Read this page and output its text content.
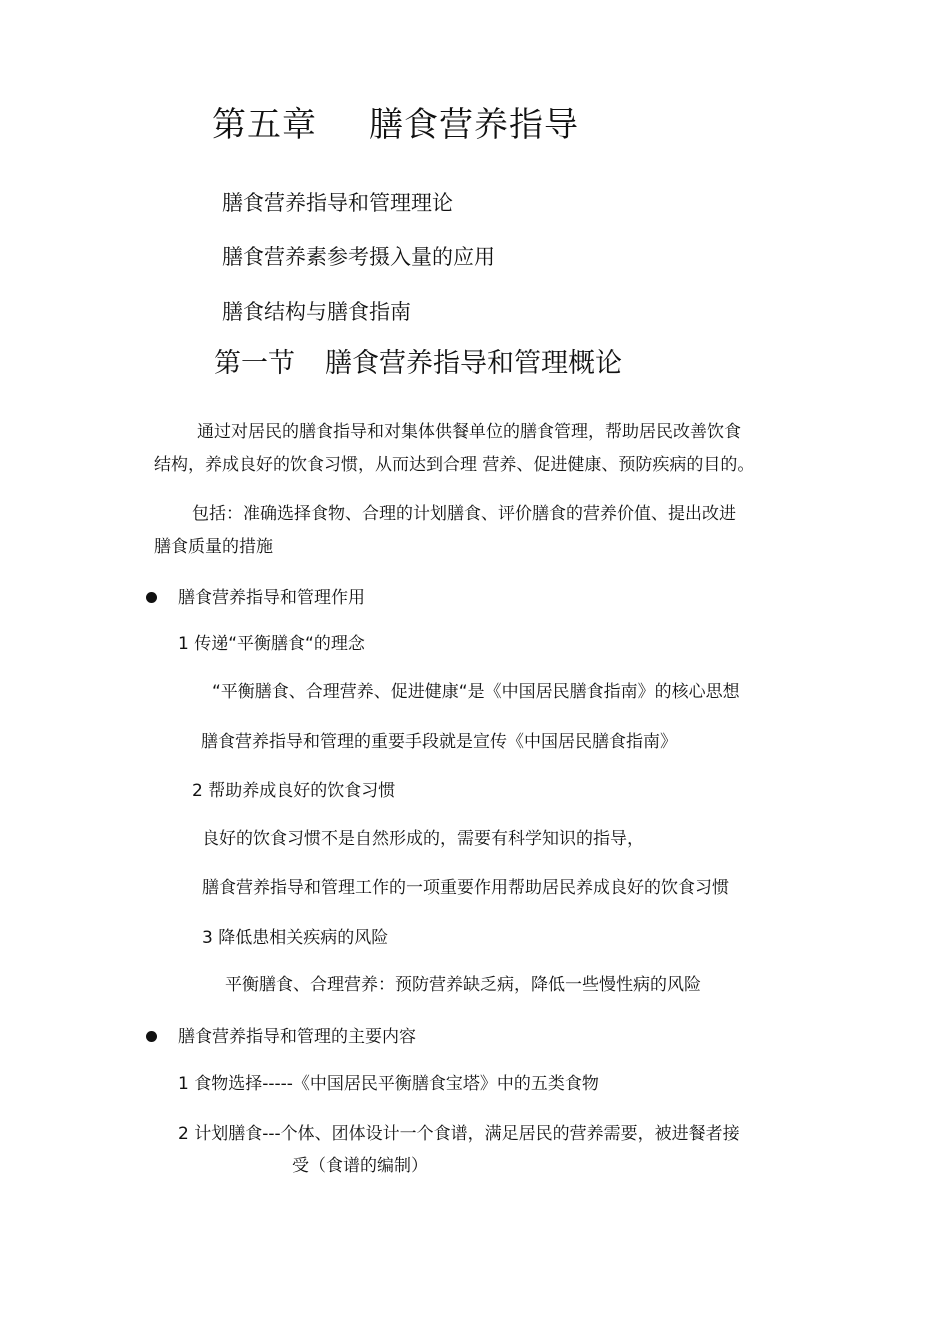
第五章 膳食营养指导

膳食营养指导和管理理论

膳食营养素参考摄入量的应用

膳食结构与膳食指南

第一节 膳食营养指导和管理概论

通过对居民的膳食指导和对集体供餐单位的膳食管理，帮助居民改善饮食

结构，养成良好的饮食习惯，从而达到合理 营养、促进健康、预防疾病的目的。

包括：准确选择食物、合理的计划膳食、评价膳食的营养价值、提出改进

膳食质量的措施

膳食营养指导和管理作用

1 传递“平衡膳食“的理念

“平衡膳食、合理营养、促进健康“是《中国居民膳食指南》的核心思想

膳食营养指导和管理的重要手段就是宣传《中国居民膳食指南》

2 帮助养成良好的饮食习惯

良好的饮食习惯不是自然形成的，需要有科学知识的指导，

膳食营养指导和管理工作的一项重要作用帮助居民养成良好的饮食习惯

3 降低患相关疾病的风险

平衡膳食、合理营养：预防营养缺乏病，降低一些慢性病的风险

膳食营养指导和管理的主要内容

1 食物选择-----《中国居民平衡膳食宝塔》中的五类食物

2 计划膳食---个体、团体设计一个食谱，满足居民的营养需要，被进餐者接

受（食谱的编制）
